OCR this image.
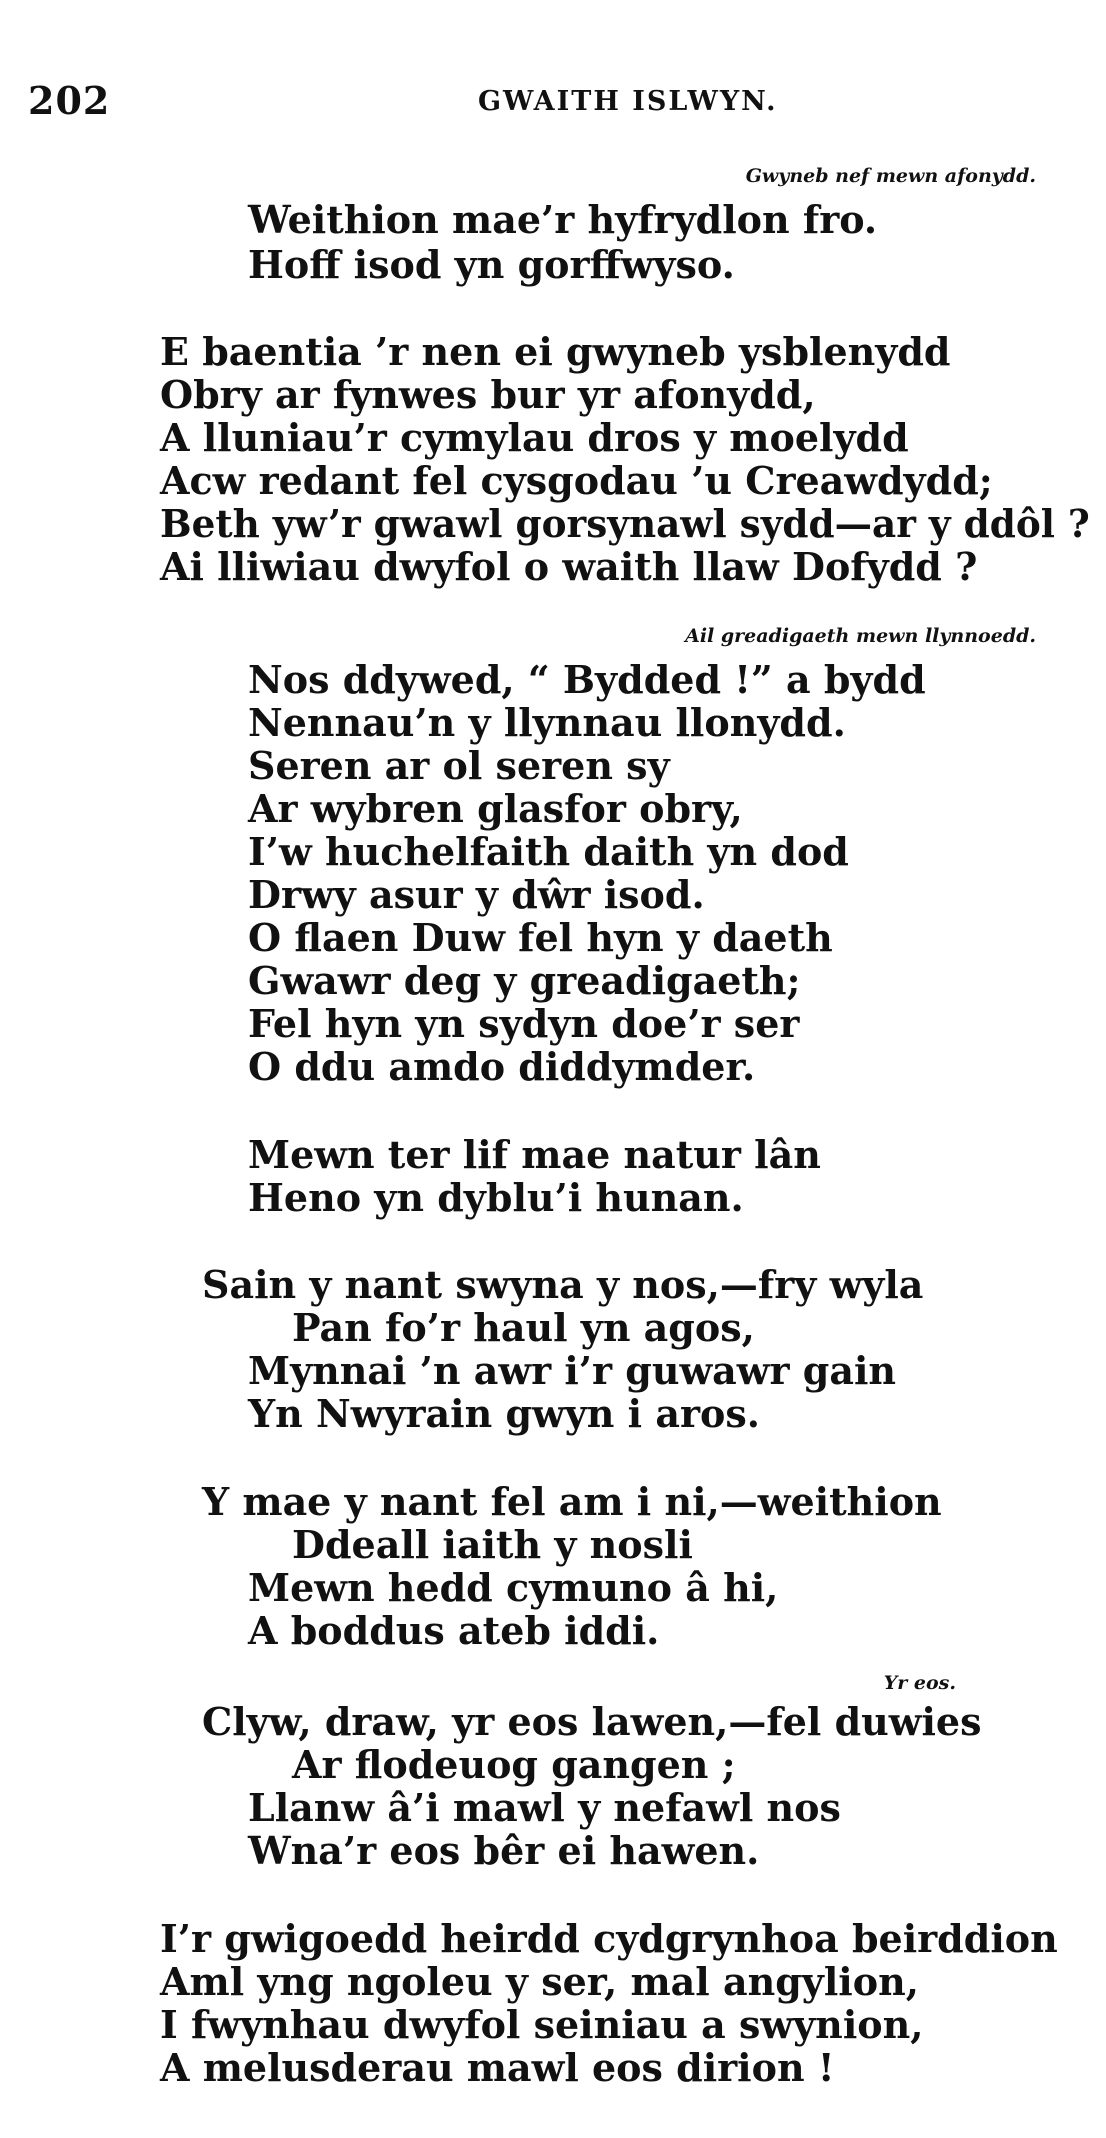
202	GWAITH ISLWYN.
Gwyneb nef mewn afonydd.
Weithion mae’r hyfrydlon fro.
Hoff isod yn gorffwyso.
E baentia ’r nen ei gwyneb ysblenydd
Obry ar fynwes bur yr afonydd,
A lluniau’r cymylau dros y moelydd
Acw redant fel cysgodau ’u Creawdydd;
Beth yw’r gwawl gorsynawl sydd—ar y ddôl ?
Ai lliwiau dwyfol o waith llaw Dofydd ?
Ail greadigaeth mewn llynnoedd.
Nos ddywed, “ Bydded !” a bydd
Nennau’n y llynnau llonydd.
Seren ar ol seren sy
Ar wybren glasfor obry,
I’w huchelfaith daith yn dod
Drwy asur y dŵr isod.
O flaen Duw fel hyn y daeth
Gwawr deg y greadigaeth;
Fel hyn yn sydyn doe’r ser
O ddu amdo diddymder.
Mewn ter lif mae natur lân
Heno yn dyblu’i hunan.
Sain y nant swyna y nos,—fry wyla
Pan fo’r haul yn agos,
Mynnai ’n awr i’r guwawr gain
Yn Nwyrain gwyn i aros.
Y mae y nant fel am i ni,—weithion
Ddeall iaith y nosli
Mewn hedd cymuno â hi,
A boddus ateb iddi.
Yr eos.
Clyw, draw, yr eos lawen,—fel duwies
Ar flodeuog gangen ;
Llanw â’i mawl y nefawl nos
Wna’r eos bêr ei hawen.
I’r gwigoedd heirdd cydgrynhoa beirddion
Aml yng ngoleu y ser, mal angylion,
I fwynhau dwyfol seiniau a swynion,
A melusderau mawl eos dirion !
